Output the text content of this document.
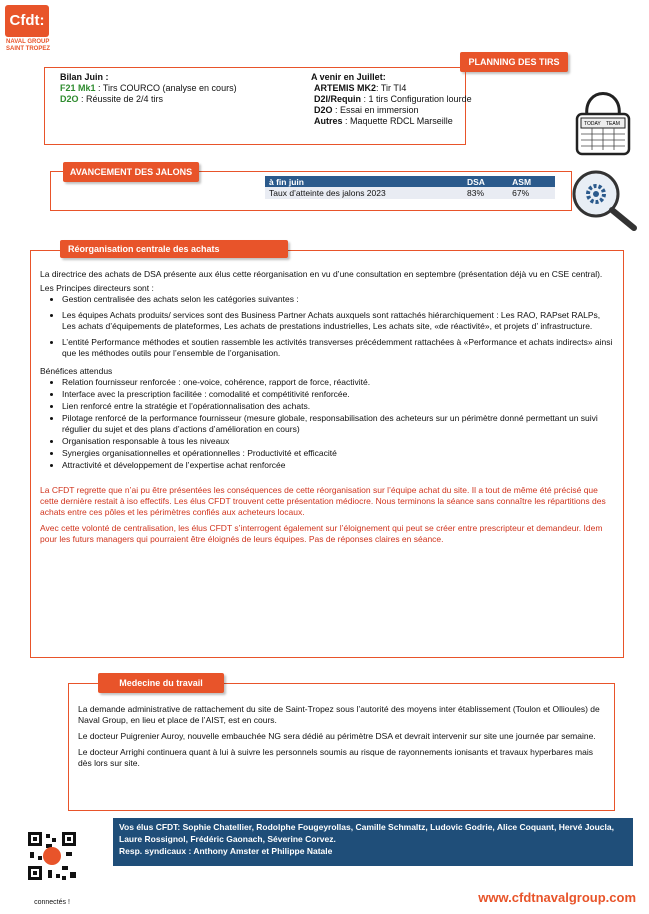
Cfdt:
NAVAL GROUP
SAINT TROPEZ
PLANNING DES TIRS
Bilan Juin :
F21 Mk1 : Tirs COURCO (analyse en cours)
D2O : Réussite de 2/4 tirs
A venir en Juillet:
ARTEMIS MK2: Tir TI4
D2I/Requin : 1 tirs Configuration lourde
D2O : Essai en immersion
Autres : Maquette RDCL Marseille	TODAY TEAM
AVANCEMENT DES JALONS
à fin juin	DSA	ASM
Taux d’atteinte des jalons 2023	83%	67%
Réorganisation centrale des achats

La directrice des achats de DSA présente aux élus cette réorganisation en vu d’une consultation en septembre (présentation déjà vu en CSE central).

Les Principes directeurs sont :

• Gestion centralisée des achats selon les catégories suivantes :
• Les équipes Achats produits/ services sont des Business Partner Achats auxquels sont rattachés hiérarchiquement : Les RAO, RAPset RALPs, Les achats d’équipements de plateformes, Les achats de prestations industrielles, Les achats site, «de réactivité», et projets d’ infrastructure.
• L’entité Performance méthodes et soutien rassemble les activités transverses précédemment rattachées à «Performance et achats indirects» ainsi que les méthodes outils pour l’ensemble de l’organisation.

Bénéfices attendus

• Relation fournisseur renforcée : one-voice, cohérence, rapport de force, réactivité.
• Interface avec la prescription facilitée : comodalité et compétitivité renforcée.
• Lien renforcé entre la stratégie et l’opérationnalisation des achats.
• Pilotage renforcé de la performance fournisseur (mesure globale, responsabilisation des acheteurs sur un périmètre donné permettant un suivi régulier du sujet et des plans d’actions d’amélioration en cours)
• Organisation responsable à tous les niveaux
• Synergies organisationnelles et opérationnelles : Productivité et efficacité
• Attractivité et développement de l’expertise achat renforcée

La CFDT regrette que n’ai pu être présentées les conséquences de cette réorganisation sur l’équipe achat du site. Il a tout de même été précisé que cette dernière restait à iso effectifs. Les élus CFDT trouvent cette présentation médiocre. Nous terminons la séance sans connaître les répartitions des achats entre ces pôles et les périmètres confiés aux acheteurs locaux.

Avec cette volonté de centralisation, les élus CFDT s’interrogent également sur l’éloignement qui peut se créer entre prescripteur et demandeur. Idem pour les futurs managers qui pourraient être éloignés de leurs équipes. Pas de réponses claires en séance.

Medecine du travail

La demande administrative de rattachement du site de Saint-Tropez sous l’autorité des moyens inter établissement (Toulon et Ollioules) de Naval Group, en lieu et place de l’AIST, est en cours.

Le docteur Puigrenier Auroy, nouvelle embauchée NG sera dédié au périmètre DSA et devrait intervenir sur site une journée par semaine.

Le docteur Arrighi continuera quant à lui à suivre les personnels soumis au risque de rayonnements ionisants et travaux hyperbares mais dès lors sur site.

connectés !
Vos élus CFDT: Sophie Chatellier, Rodolphe Fougeyrollas, Camille Schmaltz, Ludovic Godrie, Alice Coquant, Hervé Joucla, Laure Rossignol, Frédéric Gaonach, Séverine Corvez.
Resp. syndicaux : Anthony Amster et Philippe Natale
www.cfdtnavalgroup.com
